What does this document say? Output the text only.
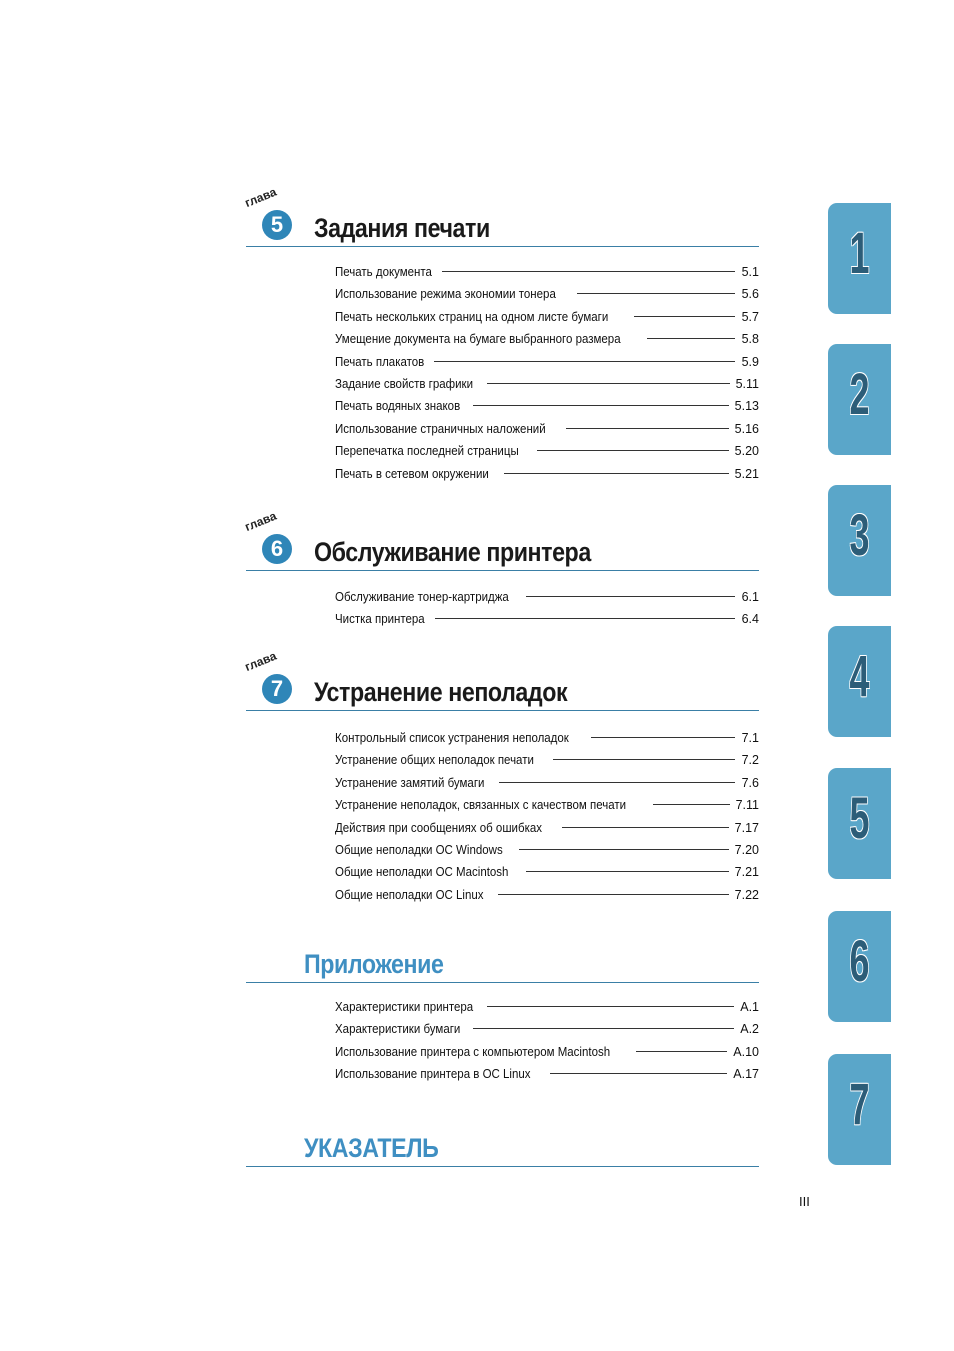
глава
5	Задания печати
Печать документа	5.1
Использование режима экономии тонера	5.6
Печать нескольких страниц на одном листе бумаги	5.7
Умещение документа на бумаге выбранного размера	5.8
Печать плакатов	5.9
Задание свойств графики	5.11
Печать водяных знаков	5.13
Использование страничных наложений	5.16
Перепечатка последней страницы	5.20
Печать в сетевом окружении	5.21
глава
6	Обслуживание принтера
Обслуживание тонер-картриджа	6.1
Чистка принтера	6.4
глава
7	Устранение неполадок
Контрольный список устранения неполадок	7.1
Устранение общих неполадок печати	7.2
Устранение замятий бумаги	7.6
Устранение неполадок, связанных с качеством печати	7.11
Действия при сообщениях об ошибках	7.17
Общие неполадки ОС Windows	7.20
Общие неполадки ОС Macintosh	7.21
Общие неполадки ОС Linux	7.22
Приложение
Характеристики принтера	A.1
Характеристики бумаги	A.2
Использование принтера с компьютером Macintosh	A.10
Использование принтера в ОС Linux	A.17
УКАЗАТЕЛЬ
1
2
3
4
5
6
7
III
